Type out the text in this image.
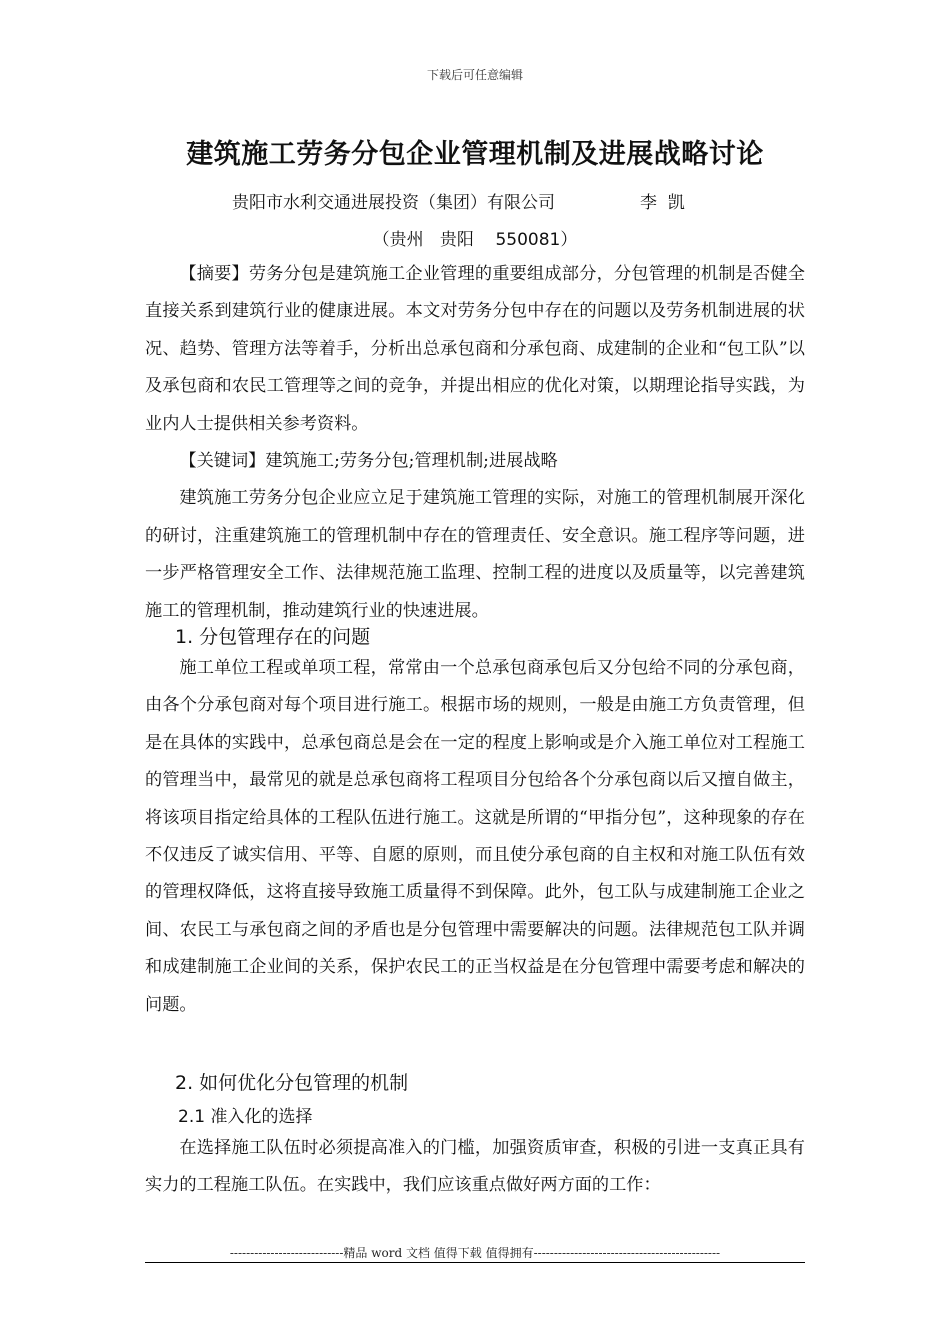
下载后可任意编辑
建筑施工劳务分包企业管理机制及进展战略讨论
贵阳市水利交通进展投资（集团）有限公司	李  凯
（贵州   贵阳    550081）

【摘要】劳务分包是建筑施工企业管理的重要组成部分，分包管理的机制是否健全直接关系到建筑行业的健康进展。本文对劳务分包中存在的问题以及劳务机制进展的状况、趋势、管理方法等着手，分析出总承包商和分承包商、成建制的企业和“包工队”以及承包商和农民工管理等之间的竞争，并提出相应的优化对策，以期理论指导实践，为业内人士提供相关参考资料。

【关键词】建筑施工;劳务分包;管理机制;进展战略

建筑施工劳务分包企业应立足于建筑施工管理的实际，对施工的管理机制展开深化的研讨，注重建筑施工的管理机制中存在的管理责任、安全意识。施工程序等问题，进一步严格管理安全工作、法律规范施工监理、控制工程的进度以及质量等，以完善建筑施工的管理机制，推动建筑行业的快速进展。

1. 分包管理存在的问题

施工单位工程或单项工程，常常由一个总承包商承包后又分包给不同的分承包商，由各个分承包商对每个项目进行施工。根据市场的规则，一般是由施工方负责管理，但是在具体的实践中，总承包商总是会在一定的程度上影响或是介入施工单位对工程施工的管理当中，最常见的就是总承包商将工程项目分包给各个分承包商以后又擅自做主，将该项目指定给具体的工程队伍进行施工。这就是所谓的“甲指分包”，这种现象的存在不仅违反了诚实信用、平等、自愿的原则，而且使分承包商的自主权和对施工队伍有效的管理权降低，这将直接导致施工质量得不到保障。此外，包工队与成建制施工企业之间、农民工与承包商之间的矛盾也是分包管理中需要解决的问题。法律规范包工队并调和成建制施工企业间的关系，保护农民工的正当权益是在分包管理中需要考虑和解决的问题。

2. 如何优化分包管理的机制
2.1 准入化的选择

在选择施工队伍时必须提高准入的门槛，加强资质审查，积极的引进一支真正具有实力的工程施工队伍。在实践中，我们应该重点做好两方面的工作：

----------------------------精品 word 文档 值得下载 值得拥有----------------------------------------------
